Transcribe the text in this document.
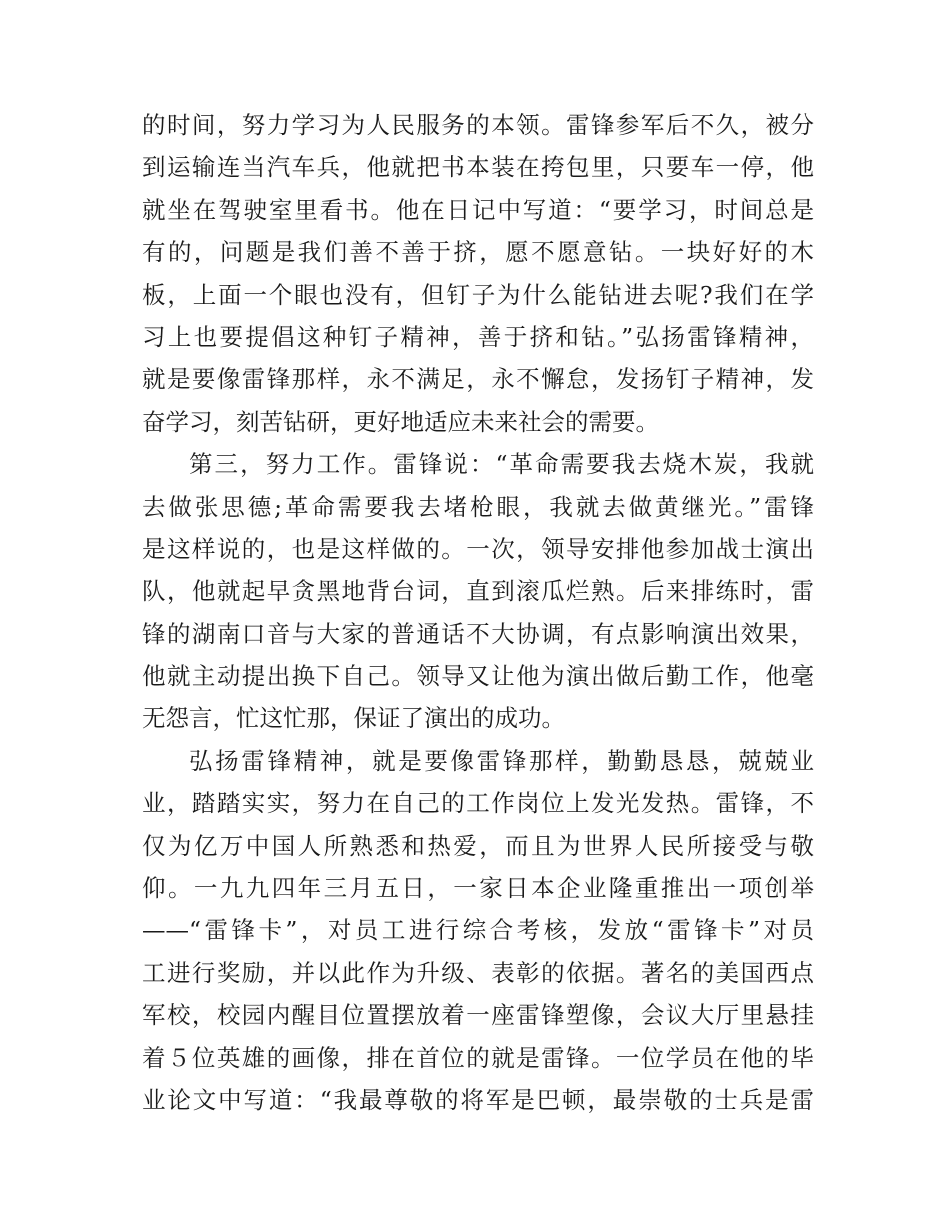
的时间，努力学习为人民服务的本领。雷锋参军后不久，被分
到运输连当汽车兵，他就把书本装在挎包里，只要车一停，他
就坐在驾驶室里看书。他在日记中写道：“要学习，时间总是
有的，问题是我们善不善于挤，愿不愿意钻。一块好好的木
板，上面一个眼也没有，但钉子为什么能钻进去呢?我们在学
习上也要提倡这种钉子精神，善于挤和钻。”弘扬雷锋精神，
就是要像雷锋那样，永不满足，永不懈怠，发扬钉子精神，发
奋学习，刻苦钻研，更好地适应未来社会的需要。
第三，努力工作。雷锋说：“革命需要我去烧木炭，我就
去做张思德;革命需要我去堵枪眼，我就去做黄继光。”雷锋
是这样说的，也是这样做的。一次，领导安排他参加战士演出
队，他就起早贪黑地背台词，直到滚瓜烂熟。后来排练时，雷
锋的湖南口音与大家的普通话不大协调，有点影响演出效果，
他就主动提出换下自己。领导又让他为演出做后勤工作，他毫
无怨言，忙这忙那，保证了演出的成功。
弘扬雷锋精神，就是要像雷锋那样，勤勤恳恳，兢兢业
业，踏踏实实，努力在自己的工作岗位上发光发热。雷锋，不
仅为亿万中国人所熟悉和热爱，而且为世界人民所接受与敬
仰。一九九四年三月五日，一家日本企业隆重推出一项创举
——“雷锋卡”，对员工进行综合考核，发放“雷锋卡”对员
工进行奖励，并以此作为升级、表彰的依据。著名的美国西点
军校，校园内醒目位置摆放着一座雷锋塑像，会议大厅里悬挂
着５位英雄的画像，排在首位的就是雷锋。一位学员在他的毕
业论文中写道：“我最尊敬的将军是巴顿，最崇敬的士兵是雷
